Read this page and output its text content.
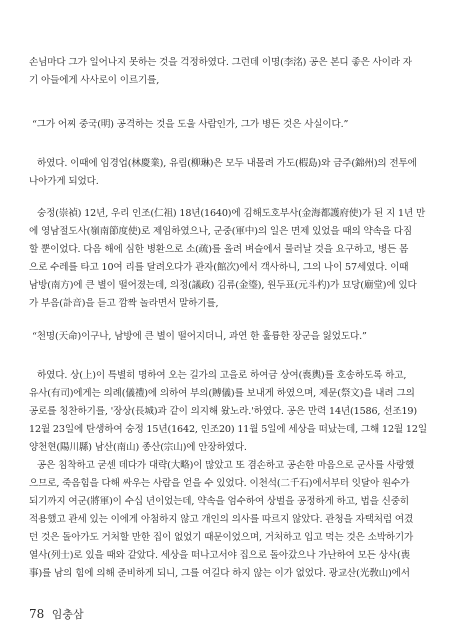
손님마다 그가 일어나지 못하는 것을 걱정하였다. 그런데 이명(李洺) 공은 본디 좋은 사이라 자
기 아들에게 사사로이 이르기를,
“그가 어찌 중국(明) 공격하는 것을 도울 사람인가, 그가 병든 것은 사실이다.”
하였다. 이때에 임경업(林慶業), 유림(柳琳)은 모두 내몰려 가도(椵島)와 금주(錦州)의 전투에
나아가게 되었다.
숭정(崇禎) 12년, 우리 인조(仁祖) 18년(1640)에 김해도호부사(金海都護府使)가 된 지 1년 만
에 영남절도사(嶺南節度使)로 제임하였으나, 군중(軍中)의 일은 면제 있었을 때의 약속을 다짐
할 뿐이었다. 다음 해에 심한 병환으로 소(疏)를 올려 벼슬에서 물러날 것을 요구하고, 병든 몸
으로 수레를 타고 10여 리를 달려오다가 관자(館次)에서 객사하니, 그의 나이 57세였다. 이때
남방(南方)에 큰 별이 떨어졌는데, 의정(議政) 김류(金瑬), 원두표(元斗杓)가 묘당(廟堂)에 있다
가 부음(訃音)을 듣고 깜짝 놀라면서 말하기를,
“천명(天命)이구나, 남방에 큰 별이 떨어지더니, 과연 한 훌륭한 장군을 잃었도다.”
하였다. 상(上)이 특별히 명하여 오는 길가의 고을로 하여금 상여(喪輿)를 호송하도록 하고,
유사(有司)에게는 의례(儀禮)에 의하여 부의(賻儀)를 보내게 하였으며, 제문(祭文)을 내려 그의
공로를 칭찬하기를, '장상(長城)과 같이 의지해 왔노라.'하였다. 공은 만력 14년(1586, 선조19)
12월 23일에 탄생하여 숭정 15년(1642, 인조20) 11월 5일에 세상을 떠났는데, 그해 12월 12일
양천현(陽川縣) 남산(南山) 종산(宗山)에 안장하였다.
공은 침착하고 굳센 데다가 대략(大略)이 많았고 또 겸손하고 공손한 마음으로 군사를 사랑했
으므로, 죽음힘을 다해 싸우는 사람을 얻을 수 있었다. 이천석(二千石)에서부터 잇달아 원수가
되기까지 여군(將軍)이 수십 년이었는데, 약속을 엄수하여 상벌을 공정하게 하고, 법을 신중히
적용했고 관세 있는 이에게 아첨하지 않고 개인의 의사를 따르지 않았다. 관청을 자택처럼 여겼
던 것은 돌아가도 거처할 만한 집이 없었기 때문이었으며, 거처하고 입고 먹는 것은 소박하기가
열사(列士)로 있을 때와 같았다. 세상을 떠나고서야 집으로 돌아갔으나 가난하여 모든 상사(喪
事)를 남의 힘에 의해 준비하게 되니, 그를 여길다 하지 않는 이가 없었다. 광교산(光敎山)에서
78 임충삼
